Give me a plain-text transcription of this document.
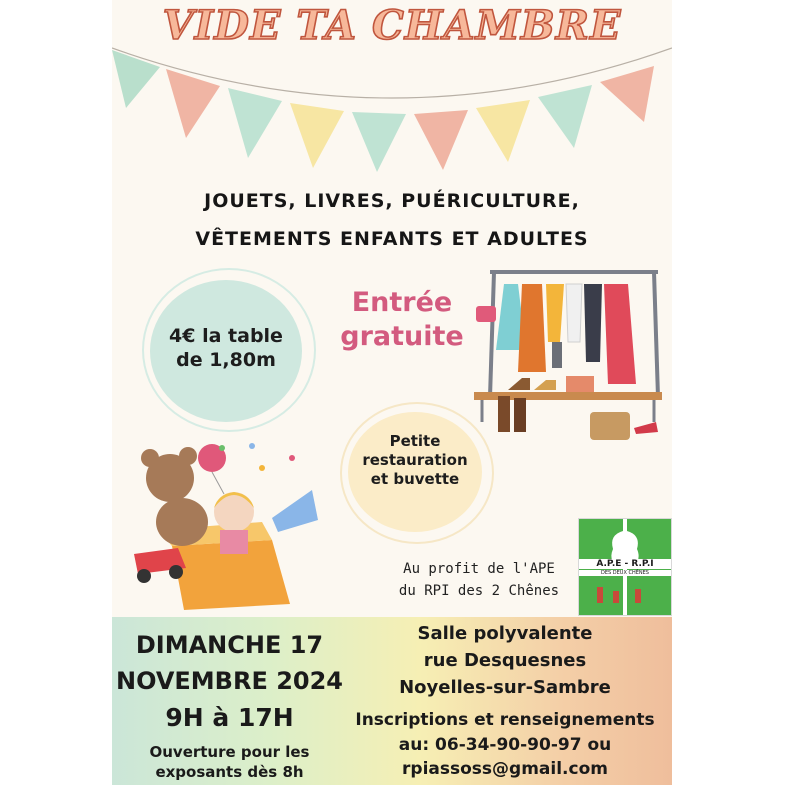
VIDE TA CHAMBRE
JOUETS, LIVRES, PUÉRICULTURE,
VÊTEMENTS ENFANTS ET ADULTES
4€ la table
de 1,80m
Entrée
gratuite
Petite
restauration
et buvette
Au profit de l'APE
du RPI des 2 Chênes
A.P.E - R.P.I
DES DEUX CHÊNES
DIMANCHE 17
NOVEMBRE 2024
9H à 17H
Ouverture pour les
exposants dès 8h
Salle polyvalente
rue Desquesnes
Noyelles-sur-Sambre
Inscriptions et renseignements
au: 06-34-90-90-97 ou
rpiassoss@gmail.com
